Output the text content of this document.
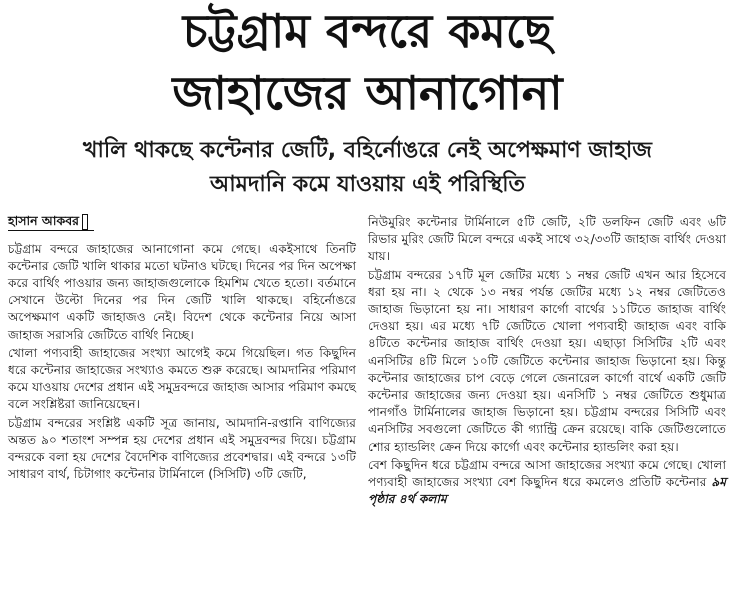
চট্টগ্রাম বন্দরে কমছে
জাহাজের আনাগোনা
খালি থাকছে কন্টেনার জেটি, বহির্নোঙরে নেই অপেক্ষমাণ জাহাজ
আমদানি কমে যাওয়ায় এই পরিস্থিতি
হাসান আকবর

চট্টগ্রাম বন্দরে জাহাজের আনাগোনা কমে গেছে। একইসাথে তিনটি কন্টেনার জেটি খালি থাকার মতো ঘটনাও ঘটছে। দিনের পর দিন অপেক্ষা করে বার্থিং পাওয়ার জন্য জাহাজগুলোকে হিমশিম খেতে হতো। বর্তমানে সেখানে উল্টো দিনের পর দিন জেটি খালি থাকছে। বহির্নোঙরে অপেক্ষমাণ একটি জাহাজও নেই। বিদেশ থেকে কন্টেনার নিয়ে আসা জাহাজ সরাসরি জেটিতে বার্থিং নিচ্ছে।

খোলা পণ্যবাহী জাহাজের সংখ্যা আগেই কমে গিয়েছিল। গত কিছুদিন ধরে কন্টেনার জাহাজের সংখ্যাও কমতে শুরু করেছে। আমদানির পরিমাণ কমে যাওয়ায় দেশের প্রধান এই সমুদ্রবন্দরে জাহাজ আসার পরিমাণ কমছে বলে সংশ্লিষ্টরা জানিয়েছেন।

চট্টগ্রাম বন্দরের সংশ্লিষ্ট একটি সূত্র জানায়, আমদানি-রপ্তানি বাণিজ্যের অন্তত ৯০ শতাংশ সম্পন্ন হয় দেশের প্রধান এই সমুদ্রবন্দর দিয়ে। চট্টগ্রাম বন্দরকে বলা হয় দেশের বৈদেশিক বাণিজ্যের প্রবেশদ্বার। এই বন্দরে ১৩টি সাধারণ বার্থ, চিটাগাং কন্টেনার টার্মিনালে (সিসিটি) ৩টি জেটি,

নিউমুরিং কন্টেনার টার্মিনালে ৫টি জেটি, ২টি ডলফিন জেটি এবং ৬টি রিভার মুরিং জেটি মিলে বন্দরে একই সাথে ৩২/৩৩টি জাহাজ বার্থিং দেওয়া যায়।

চট্টগ্রাম বন্দরের ১৭টি মূল জেটির মধ্যে ১ নম্বর জেটি এখন আর হিসেবে ধরা হয় না। ২ থেকে ১৩ নম্বর পর্যন্ত জেটির মধ্যে ১২ নম্বর জেটিতেও জাহাজ ভিড়ানো হয় না। সাধারণ কার্গো বার্থের ১১টিতে জাহাজ বার্থিং দেওয়া হয়। এর মধ্যে ৭টি জেটিতে খোলা পণ্যবাহী জাহাজ এবং বাকি ৪টিতে কন্টেনার জাহাজ বার্থিং দেওয়া হয়। এছাড়া সিসিটির ২টি এবং এনসিটির ৪টি মিলে ১০টি জেটিতে কন্টেনার জাহাজ ভিড়ানো হয়। কিন্তু কন্টেনার জাহাজের চাপ বেড়ে গেলে জেনারেল কার্গো বার্থে একটি জেটি কন্টেনার জাহাজের জন্য দেওয়া হয়। এনসিটি ১ নম্বর জেটিতে শুধুমাত্র পানগাঁও টার্মিনালের জাহাজ ভিড়ানো হয়। চট্টগ্রাম বন্দরের সিসিটি এবং এনসিটির সবগুলো জেটিতে কী গ্যান্ট্রি ক্রেন রয়েছে। বাকি জেটিগুলোতে শোর হ্যান্ডলিং ক্রেন দিয়ে কার্গো এবং কন্টেনার হ্যান্ডলিং করা হয়।

বেশ কিছুদিন ধরে চট্টগ্রাম বন্দরে আসা জাহাজের সংখ্যা কমে গেছে। খোলা পণ্যবাহী জাহাজের সংখ্যা বেশ কিছুদিন ধরে কমলেও প্রতিটি কন্টেনার ৯ম পৃষ্ঠার ৪র্থ কলাম
